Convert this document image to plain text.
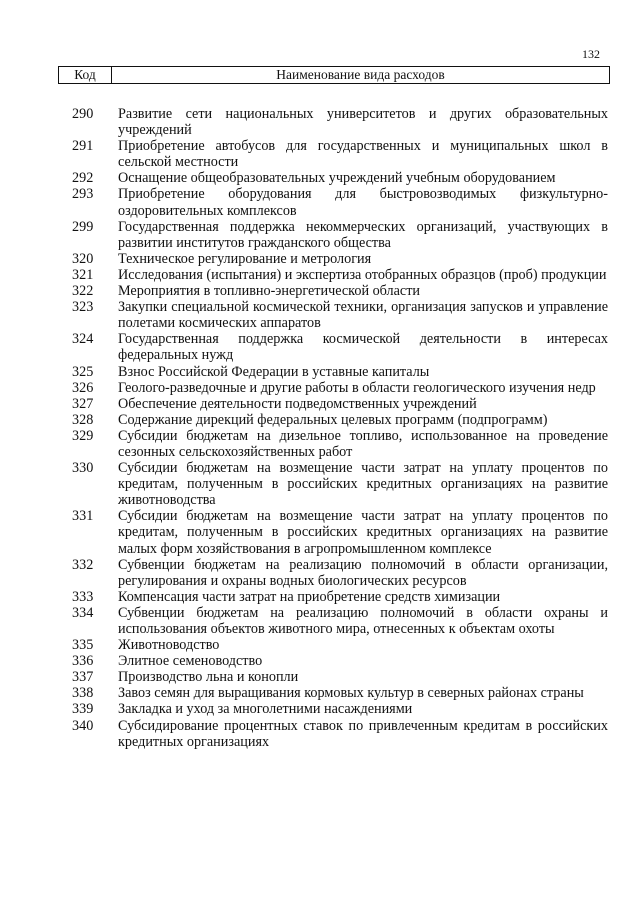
132
Код	Наименование вида расходов
290	Развитие сети национальных университетов и других образовательных учреждений
291	Приобретение автобусов для государственных и муниципальных школ в сельской местности
292	Оснащение общеобразовательных учреждений учебным оборудованием
293	Приобретение оборудования для быстровозводимых физкультурно-оздоровительных комплексов
299	Государственная поддержка некоммерческих организаций, участвующих в развитии институтов гражданского общества
320	Техническое регулирование и метрология
321	Исследования (испытания) и экспертиза отобранных образцов (проб) продукции
322	Мероприятия в топливно-энергетической области
323	Закупки специальной космической техники, организация запусков и управление полетами космических аппаратов
324	Государственная поддержка космической деятельности в интересах федеральных нужд
325	Взнос Российской Федерации в уставные капиталы
326	Геолого-разведочные и другие работы в области геологического изучения недр
327	Обеспечение деятельности подведомственных учреждений
328	Содержание дирекций федеральных целевых программ (подпрограмм)
329	Субсидии бюджетам на дизельное топливо, использованное на проведение сезонных сельскохозяйственных работ
330	Субсидии бюджетам на возмещение части затрат на уплату процентов по кредитам, полученным в российских кредитных организациях на развитие животноводства
331	Субсидии бюджетам на возмещение части затрат на уплату процентов по кредитам, полученным в российских кредитных организациях на развитие малых форм хозяйствования в агропромышленном комплексе
332	Субвенции бюджетам на реализацию полномочий в области организации, регулирования и охраны водных биологических ресурсов
333	Компенсация части затрат на приобретение средств химизации
334	Субвенции бюджетам на реализацию полномочий в области охраны и использования объектов животного мира, отнесенных к объектам охоты
335	Животноводство
336	Элитное семеноводство
337	Производство льна и конопли
338	Завоз семян для выращивания кормовых культур в северных районах страны
339	Закладка и уход за многолетними насаждениями
340	Субсидирование процентных ставок по привлеченным кредитам в российских кредитных организациях
